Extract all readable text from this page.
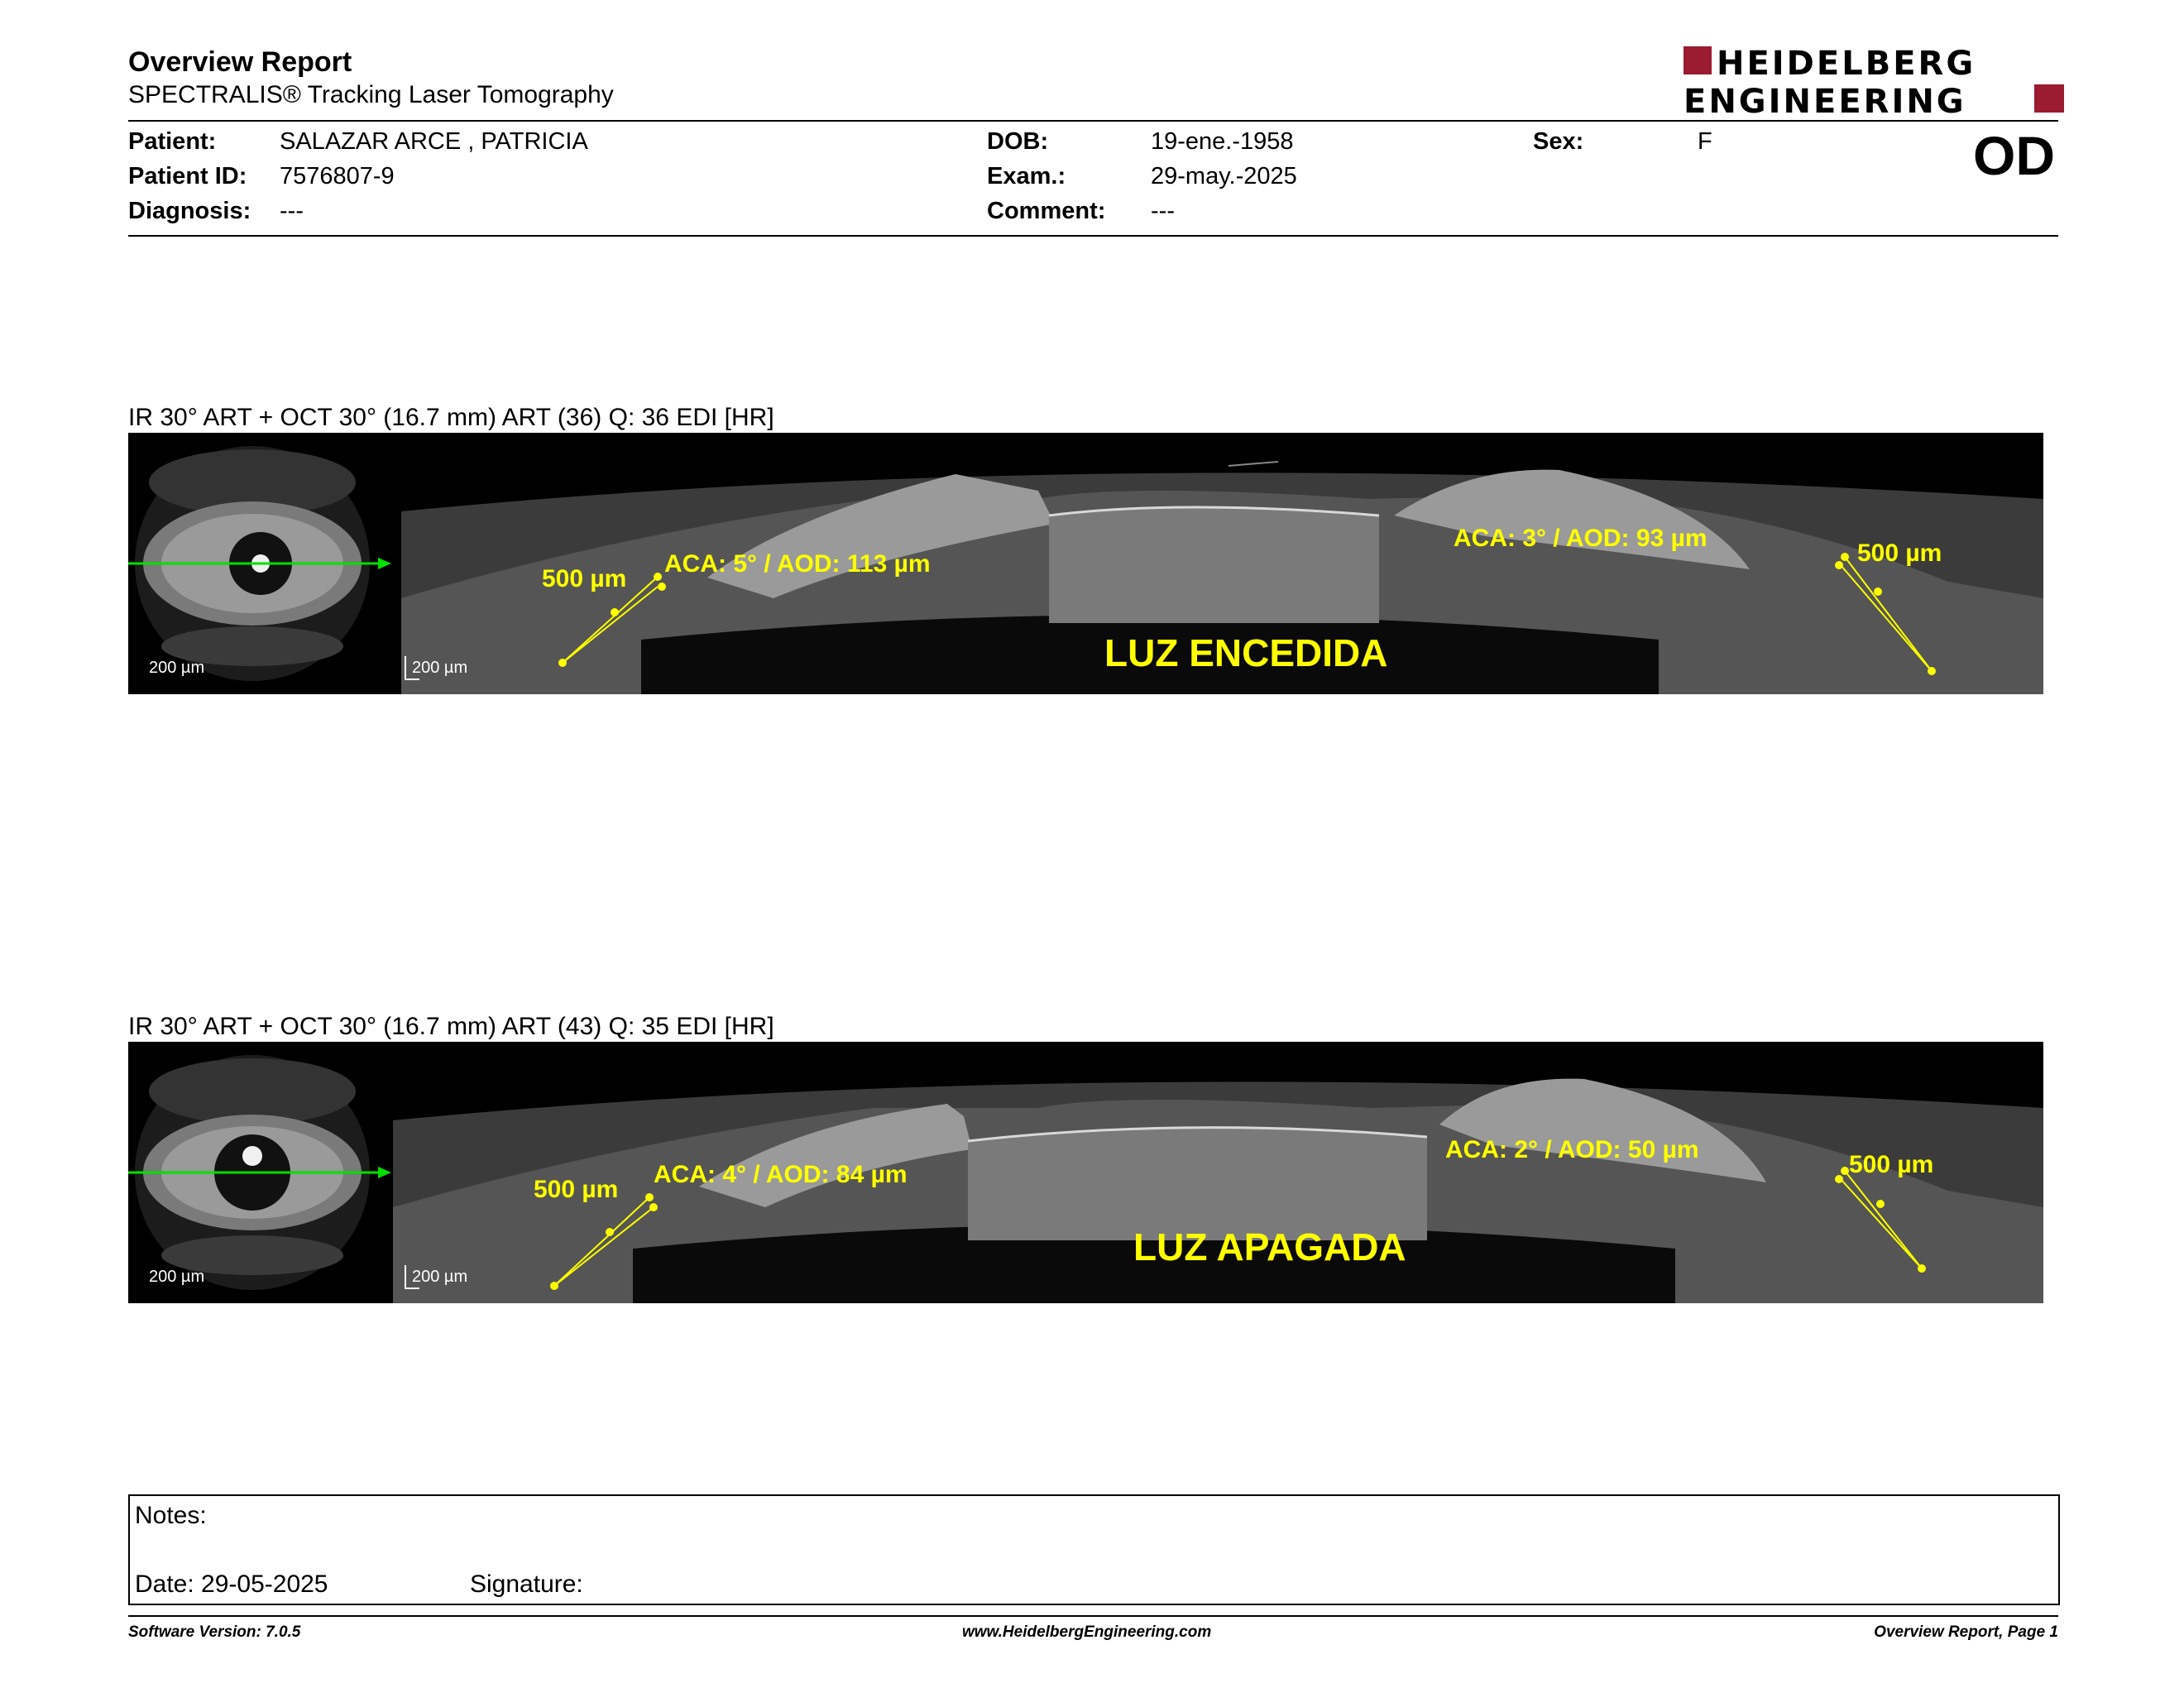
Overview Report
SPECTRALIS® Tracking Laser Tomography
HEIDELBERG
ENGINEERING
Patient:	SALAZAR ARCE , PATRICIA
Patient ID: 7576807-9
Diagnosis: ---
DOB:	19-ene.-1958
Exam.:	29-may.-2025
Comment: ---
Sex:	F	OD
IR 30° ART + OCT 30° (16.7 mm) ART (36) Q: 36 EDI [HR]
500 µm
ACA: 5° / AOD: 113 µm
ACA: 3° / AOD: 93 µm
500 µm
LUZ ENCEDIDA
200 µm	200 µm
IR 30° ART + OCT 30° (16.7 mm) ART (43) Q: 35 EDI [HR]
500 µm
ACA: 4° / AOD: 84 µm
ACA: 2° / AOD: 50 µm
500 µm
LUZ APAGADA
200 µm	200 µm
Notes:
Date: 29-05-2025	Signature:
Software Version: 7.0.5	www.HeidelbergEngineering.com	Overview Report, Page 1
